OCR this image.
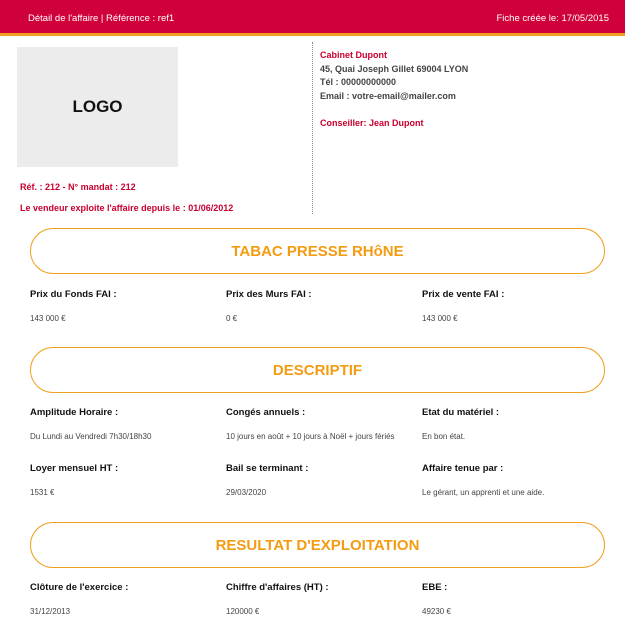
Détail de l'affaire | Référence : ref1	Fiche créée le: 17/05/2015
LOGO
Réf. : 212 - N° mandat : 212
Le vendeur exploite l'affaire depuis le : 01/06/2012
Cabinet Dupont
45, Quai Joseph Gillet 69004 LYON
Tél : 00000000000
Email : votre-email@mailer.com
Conseiller: Jean Dupont
TABAC PRESSE RHôNE
Prix du Fonds FAI :
143 000 €
Prix des Murs FAI :
0 €
Prix de vente FAI :
143 000 €
DESCRIPTIF
Amplitude Horaire :
Du Lundi au Vendredi 7h30/18h30
Congés annuels :
10 jours en août + 10 jours à Noël + jours fériés
Etat du matériel :
En bon état.
Loyer mensuel HT :
1531 €
Bail se terminant :
29/03/2020
Affaire tenue par :
Le gérant, un apprenti et une aide.
RESULTAT D'EXPLOITATION
Clôture de l'exercice :
31/12/2013
Chiffre d'affaires (HT) :
120000 €
EBE :
49230 €
